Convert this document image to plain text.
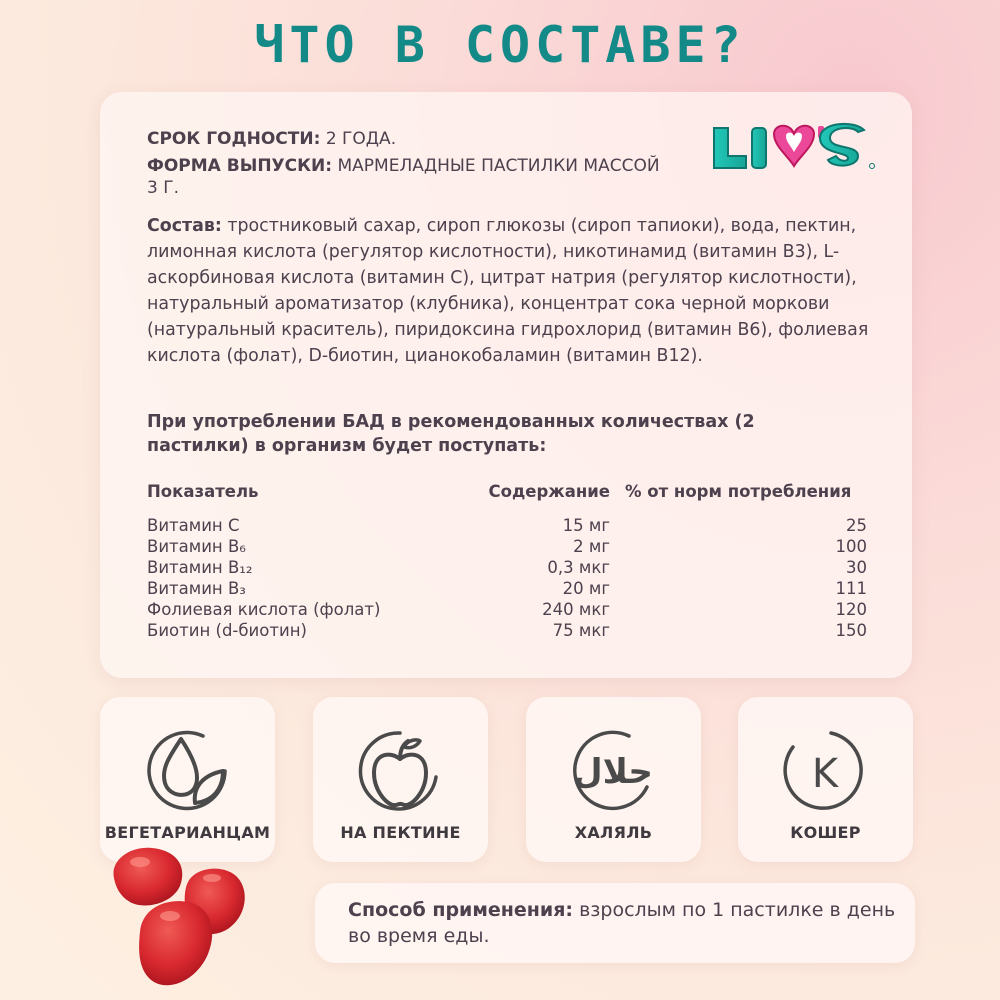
ЧТО В СОСТАВЕ?
СРОК ГОДНОСТИ: 2 ГОДА.
ФОРМА ВЫПУСКИ: МАРМЕЛАДНЫЕ ПАСТИЛКИ МАССОЙ 3 Г.
Состав: тростниковый сахар, сироп глюкозы (сироп тапиоки), вода, пектин, лимонная кислота (регулятор кислотности), никотинамид (витамин B3), L-аскорбиновая кислота (витамин C), цитрат натрия (регулятор кислотности), натуральный ароматизатор (клубника), концентрат сока черной моркови (натуральный краситель), пиридоксина гидрохлорид (витамин B6), фолиевая кислота (фолат), D-биотин, цианокобаламин (витамин B12).
При употреблении БАД в рекомендованных количествах (2 пастилки) в организм будет поступать:
Показатель	Содержание % от норм потребления
Витамин С	15 мг	25
Витамин B₆	2 мг	100
Витамин B₁₂	0,3 мкг	30
Витамин B₃	20 мг	111
Фолиевая кислота (фолат)	240 мкг	120
Биотин (d-биотин)	75 мкг	150
ВЕГЕТАРИАНЦАМ	НА ПЕКТИНЕ
حلال
ХАЛЯЛЬ
K
КОШЕР
Способ применения: взрослым по 1 пастилке в день во время еды.
